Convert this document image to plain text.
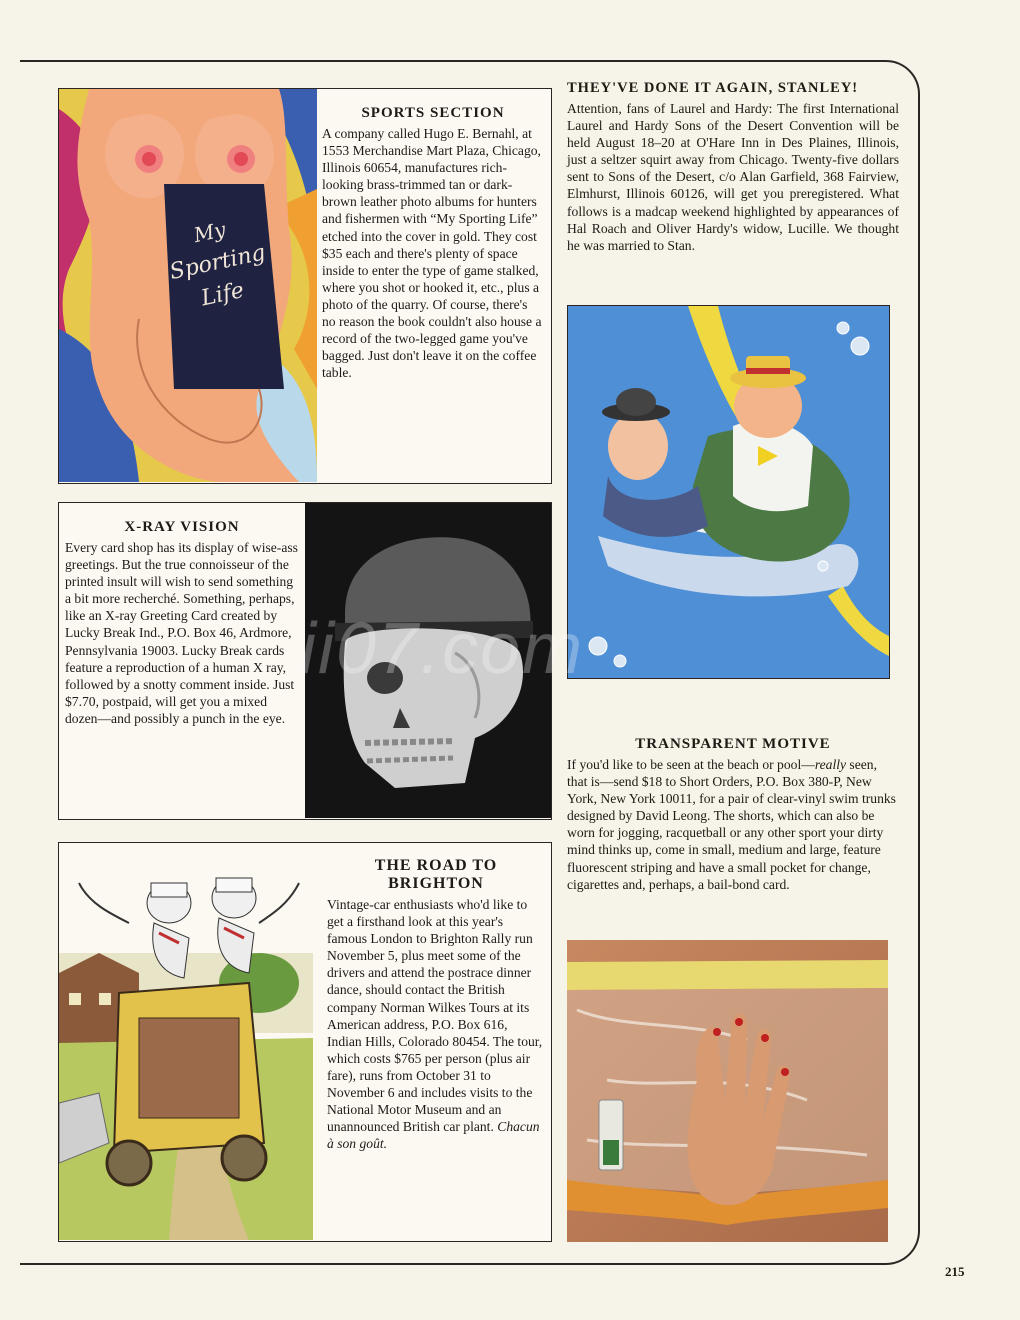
My
Sporting
Life

SPORTS SECTION

A company called Hugo E. Bernahl, at 1553 Merchandise Mart Plaza, Chicago, Illinois 60654, manufactures rich-looking brass-trimmed tan or dark-brown leather photo albums for hunters and fishermen with “My Sporting Life” etched into the cover in gold. They cost $35 each and there's plenty of space inside to enter the type of game stalked, where you shot or hooked it, etc., plus a photo of the quarry. Of course, there's no reason the book couldn't also house a record of the two-legged game you've bagged. Just don't leave it on the coffee table.

THEY'VE DONE IT AGAIN, STANLEY!

Attention, fans of Laurel and Hardy: The first International Laurel and Hardy Sons of the Desert Convention will be held August 18–20 at O'Hare Inn in Des Plaines, Illinois, just a seltzer squirt away from Chicago. Twenty-five dollars sent to Sons of the Desert, c/o Alan Garfield, 368 Fairview, Elmhurst, Illinois 60126, will get you preregistered. What follows is a madcap weekend highlighted by appearances of Hal Roach and Oliver Hardy's widow, Lucille. We thought he was married to Stan.

X-RAY VISION

Every card shop has its display of wise-ass greetings. But the true connoisseur of the printed insult will wish to send something a bit more recherché. Something, perhaps, like an X-ray Greeting Card created by Lucky Break Ind., P.O. Box 46, Ardmore, Pennsylvania 19003. Lucky Break cards feature a reproduction of a human X ray, followed by a snotty comment inside. Just $7.70, postpaid, will get you a mixed dozen—and possibly a punch in the eye.

TRANSPARENT MOTIVE

If you'd like to be seen at the beach or pool—really seen, that is—send $18 to Short Orders, P.O. Box 380-P, New York, New York 10011, for a pair of clear-vinyl swim trunks designed by David Leong. The shorts, which can also be worn for jogging, racquetball or any other sport your dirty mind thinks up, come in small, medium and large, feature fluorescent striping and have a small pocket for change, cigarettes and, perhaps, a bail-bond card.

THE ROAD TO

BRIGHTON

Vintage-car enthusiasts who'd like to get a firsthand look at this year's famous London to Brighton Rally run November 5, plus meet some of the drivers and attend the postrace dinner dance, should contact the British company Norman Wilkes Tours at its American address, P.O. Box 616, Indian Hills, Colorado 80454. The tour, which costs $765 per person (plus air fare), runs from October 31 to November 6 and includes visits to the National Motor Museum and an unannounced British car plant. Chacun à son goût.

ii07.com
215
